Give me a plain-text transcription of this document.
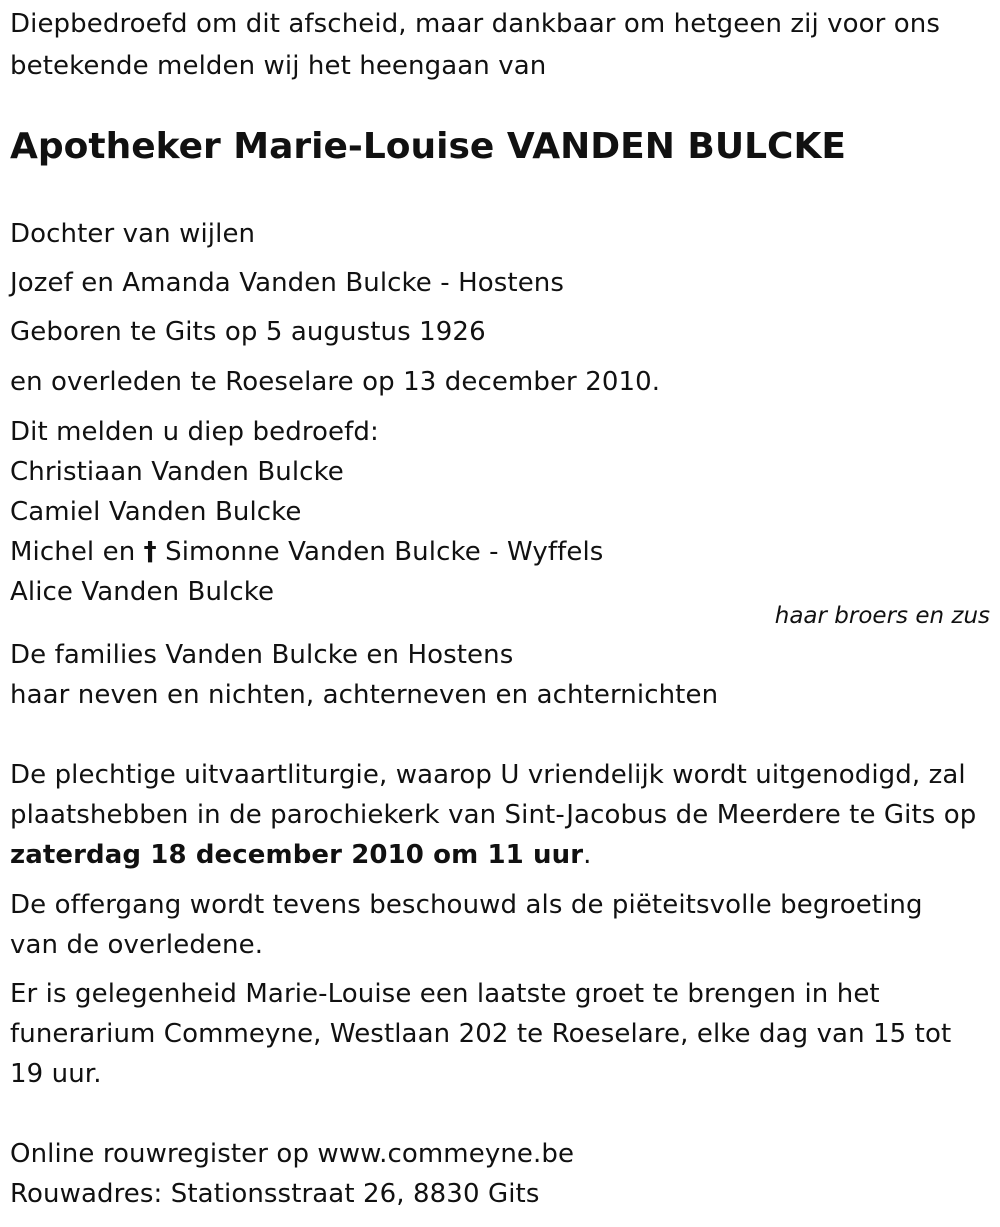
Diepbedroefd om dit afscheid, maar dankbaar om hetgeen zij voor ons
betekende melden wij het heengaan van
Apotheker Marie-Louise VANDEN BULCKE
Dochter van wijlen
Jozef en Amanda Vanden Bulcke - Hostens
Geboren te Gits op 5 augustus 1926
en overleden te Roeselare op 13 december 2010.
Dit melden u diep bedroefd:
Christiaan Vanden Bulcke
Camiel Vanden Bulcke
Michel en † Simonne Vanden Bulcke - Wyffels
Alice Vanden Bulcke
haar broers en zus
De families Vanden Bulcke en Hostens
haar neven en nichten, achterneven en achternichten
De plechtige uitvaartliturgie, waarop U vriendelijk wordt uitgenodigd, zal
plaatshebben in de parochiekerk van Sint-Jacobus de Meerdere te Gits op
zaterdag 18 december 2010 om 11 uur.
De offergang wordt tevens beschouwd als de piëteitsvolle begroeting
van de overledene.
Er is gelegenheid Marie-Louise een laatste groet te brengen in het
funerarium Commeyne, Westlaan 202 te Roeselare, elke dag van 15 tot
19 uur.
Online rouwregister op www.commeyne.be
Rouwadres: Stationsstraat 26, 8830 Gits
